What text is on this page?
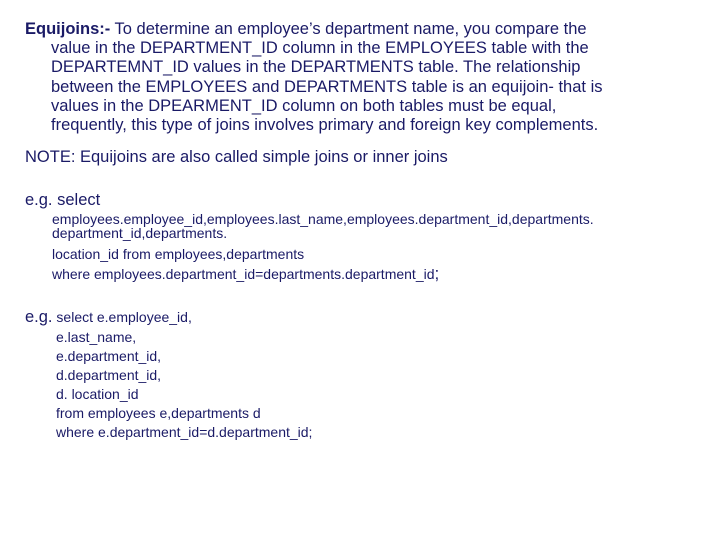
Equijoins:- To determine an employee’s department name, you compare the
value in the DEPARTMENT_ID column in the EMPLOYEES table with the
DEPARTEMNT_ID values in the DEPARTMENTS table. The relationship
between the EMPLOYEES and DEPARTMENTS table is an equijoin- that is
values in the DPEARMENT_ID column on both tables must be equal,
frequently, this type of joins involves primary and foreign key complements.
NOTE: Equijoins are also called simple joins or inner joins
e.g. select
employees.employee_id,employees.last_name,employees.department_id,departments.
department_id,departments.
location_id from employees,departments
where employees.department_id=departments.department_id;
e.g. select e.employee_id,
e.last_name,
e.department_id,
d.department_id,
d. location_id
from employees e,departments d
where e.department_id=d.department_id;
